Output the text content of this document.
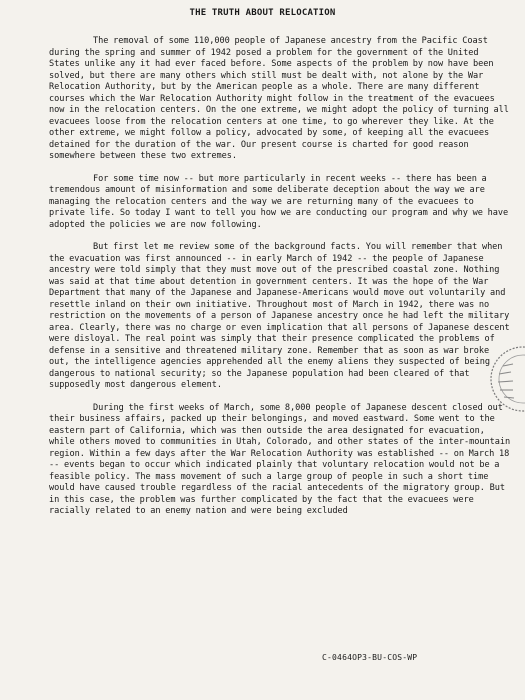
THE TRUTH ABOUT RELOCATION

The removal of some 110,000 people of Japanese ancestry from the Pacific Coast during the spring and summer of 1942 posed a problem for the government of the United States unlike any it had ever faced before. Some aspects of the problem by now have been solved, but there are many others which still must be dealt with, not alone by the War Relocation Authority, but by the American people as a whole. There are many different courses which the War Relocation Authority might follow in the treatment of the evacuees now in the relocation centers. On the one extreme, we might adopt the policy of turning all evacuees loose from the relocation centers at one time, to go wherever they like. At the other extreme, we might follow a policy, advocated by some, of keeping all the evacuees detained for the duration of the war. Our present course is charted for good reason somewhere between these two extremes.

For some time now -- but more particularly in recent weeks -- there has been a tremendous amount of misinformation and some deliberate deception about the way we are managing the relocation centers and the way we are returning many of the evacuees to private life. So today I want to tell you how we are conducting our program and why we have adopted the policies we are now following.

But first let me review some of the background facts. You will remember that when the evacuation was first announced -- in early March of 1942 -- the people of Japanese ancestry were told simply that they must move out of the prescribed coastal zone. Nothing was said at that time about detention in government centers. It was the hope of the War Department that many of the Japanese and Japanese-Americans would move out voluntarily and resettle inland on their own initiative. Throughout most of March in 1942, there was no restriction on the movements of a person of Japanese ancestry once he had left the military area. Clearly, there was no charge or even implication that all persons of Japanese descent were disloyal. The real point was simply that their presence complicated the problems of defense in a sensitive and threatened military zone. Remember that as soon as war broke out, the intelligence agencies apprehended all the enemy aliens they suspected of being dangerous to national security; so the Japanese population had been cleared of that supposedly most dangerous element.

During the first weeks of March, some 8,000 people of Japanese descent closed out their business affairs, packed up their belongings, and moved eastward. Some went to the eastern part of California, which was then outside the area designated for evacuation, while others moved to communities in Utah, Colorado, and other states of the inter-mountain region. Within a few days after the War Relocation Authority was established -- on March 18 -- events began to occur which indicated plainly that voluntary relocation would not be a feasible policy. The mass movement of such a large group of people in such a short time would have caused trouble regardless of the racial antecedents of the migratory group. But in this case, the problem was further complicated by the fact that the evacuees were racially related to an enemy nation and were being excluded

C-0464OP3-BU-COS-WP
